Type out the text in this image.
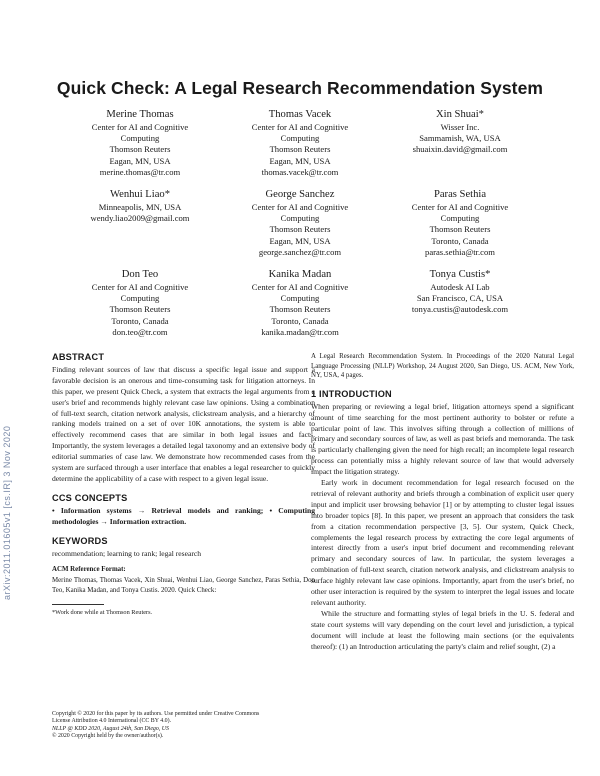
Quick Check: A Legal Research Recommendation System
Merine Thomas
Center for AI and Cognitive
Computing
Thomson Reuters
Eagan, MN, USA
merine.thomas@tr.com
Thomas Vacek
Center for AI and Cognitive
Computing
Thomson Reuters
Eagan, MN, USA
thomas.vacek@tr.com
Xin Shuai*
Wisser Inc.
Sammamish, WA, USA
shuaixin.david@gmail.com
Wenhui Liao*
Minneapolis, MN, USA
wendy.liao2009@gmail.com
George Sanchez
Center for AI and Cognitive
Computing
Thomson Reuters
Eagan, MN, USA
george.sanchez@tr.com
Paras Sethia
Center for AI and Cognitive
Computing
Thomson Reuters
Toronto, Canada
paras.sethia@tr.com
Don Teo
Center for AI and Cognitive
Computing
Thomson Reuters
Toronto, Canada
don.teo@tr.com
Kanika Madan
Center for AI and Cognitive
Computing
Thomson Reuters
Toronto, Canada
kanika.madan@tr.com
Tonya Custis*
Autodesk AI Lab
San Francisco, CA, USA
tonya.custis@autodesk.com
arXiv:2011.01605v1 [cs.IR] 3 Nov 2020
ABSTRACT

Finding relevant sources of law that discuss a specific legal issue and support a favorable decision is an onerous and time-consuming task for litigation attorneys. In this paper, we present Quick Check, a system that extracts the legal arguments from a user's brief and recommends highly relevant case law opinions. Using a combination of full-text search, citation network analysis, clickstream analysis, and a hierarchy of ranking models trained on a set of over 10K annotations, the system is able to effectively recommend cases that are similar in both legal issues and facts. Importantly, the system leverages a detailed legal taxonomy and an extensive body of editorial summaries of case law. We demonstrate how recommended cases from the system are surfaced through a user interface that enables a legal researcher to quickly determine the applicability of a case with respect to a given legal issue.

CCS CONCEPTS

• Information systems → Retrieval models and ranking; • Computing methodologies → Information extraction.

KEYWORDS

recommendation; learning to rank; legal research

ACM Reference Format:

Merine Thomas, Thomas Vacek, Xin Shuai, Wenhui Liao, George Sanchez, Paras Sethia, Don Teo, Kanika Madan, and Tonya Custis. 2020. Quick Check:

*Work done while at Thomson Reuters.

Copyright © 2020 for this paper by its authors. Use permitted under Creative Commons

License Attribution 4.0 International (CC BY 4.0).

NLLP @ KDD 2020, August 24th, San Diego, US

© 2020 Copyright held by the owner/author(s).

A Legal Research Recommendation System. In Proceedings of the 2020 Natural Legal Language Processing (NLLP) Workshop, 24 August 2020, San Diego, US. ACM, New York, NY, USA, 4 pages.

1 INTRODUCTION

When preparing or reviewing a legal brief, litigation attorneys spend a significant amount of time searching for the most pertinent authority to bolster or refute a particular point of law. This involves sifting through a collection of millions of primary and secondary sources of law, as well as past briefs and memoranda. The task is particularly challenging given the need for high recall; an incomplete legal research process can potentially miss a highly relevant source of law that would adversely impact the litigation strategy.

Early work in document recommendation for legal research focused on the retrieval of relevant authority and briefs through a combination of explicit user query input and implicit user browsing behavior [1] or by attempting to cluster legal issues into broader topics [8]. In this paper, we present an approach that considers the task from a citation recommendation perspective [3, 5]. Our system, Quick Check, complements the legal research process by extracting the core legal arguments of interest directly from a user's input brief document and recommending relevant primary and secondary sources of law. In particular, the system leverages a combination of full-text search, citation network analysis, and clickstream analysis to surface highly relevant law case opinions. Importantly, apart from the user's brief, no other user interaction is required by the system to interpret the legal issues and locate relevant authority.

While the structure and formatting styles of legal briefs in the U. S. federal and state court systems will vary depending on the court level and jurisdiction, a typical document will include at least the following main sections (or the equivalents thereof): (1) an Introduction articulating the party's claim and relief sought, (2) a
